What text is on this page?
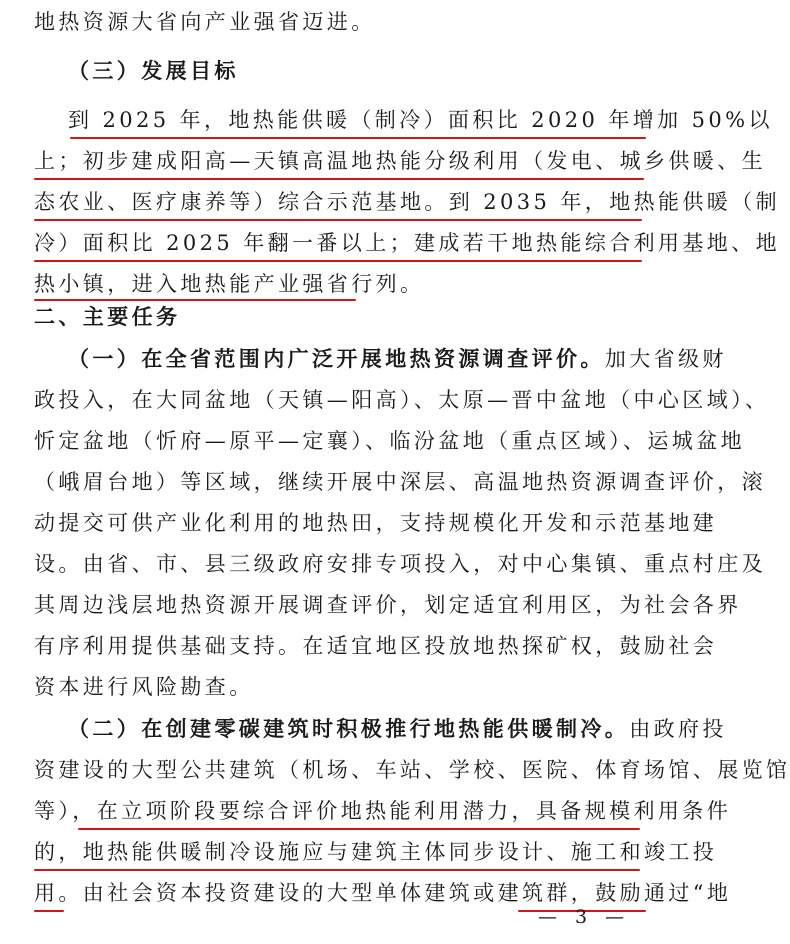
地热资源大省向产业强省迈进。
（三）发展目标
到 2025 年，地热能供暖（制冷）面积比 2020 年增加 50%以
上；初步建成阳高—天镇高温地热能分级利用（发电、城乡供暖、生
态农业、医疗康养等）综合示范基地。到 2035 年，地热能供暖（制
冷）面积比 2025 年翻一番以上；建成若干地热能综合利用基地、地
热小镇，进入地热能产业强省行列。
二、主要任务
（一）在全省范围内广泛开展地热资源调查评价。加大省级财
政投入，在大同盆地（天镇—阳高）、太原—晋中盆地（中心区域）、
忻定盆地（忻府—原平—定襄）、临汾盆地（重点区域）、运城盆地
（峨眉台地）等区域，继续开展中深层、高温地热资源调查评价，滚
动提交可供产业化利用的地热田，支持规模化开发和示范基地建
设。由省、市、县三级政府安排专项投入，对中心集镇、重点村庄及
其周边浅层地热资源开展调查评价，划定适宜利用区，为社会各界
有序利用提供基础支持。在适宜地区投放地热探矿权，鼓励社会
资本进行风险勘查。
（二）在创建零碳建筑时积极推行地热能供暖制冷。由政府投
资建设的大型公共建筑（机场、车站、学校、医院、体育场馆、展览馆
等），在立项阶段要综合评价地热能利用潜力，具备规模利用条件
的，地热能供暖制冷设施应与建筑主体同步设计、施工和竣工投
用。由社会资本投资建设的大型单体建筑或建筑群，鼓励通过“地
— 3 —
